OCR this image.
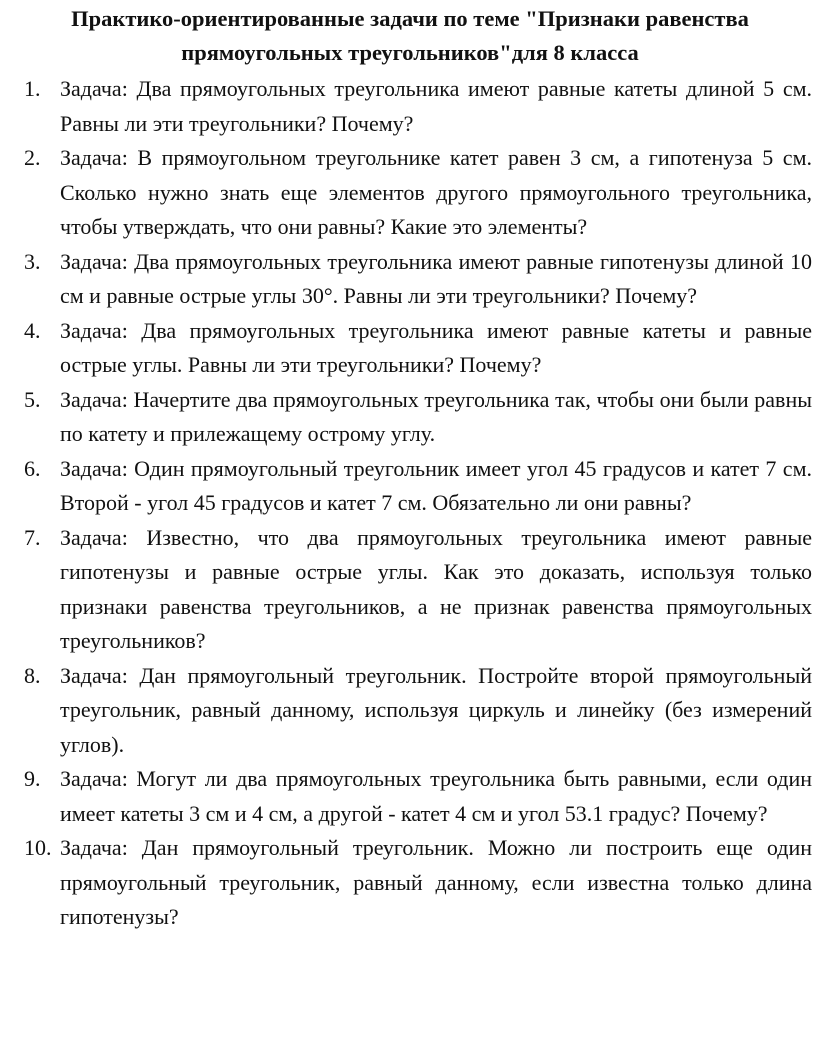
Практико-ориентированные задачи по теме "Признаки равенства прямоугольных треугольников"для 8 класса
1. Задача: Два прямоугольных треугольника имеют равные катеты длиной 5 см. Равны ли эти треугольники? Почему?
2. Задача: В прямоугольном треугольнике катет равен 3 см, а гипотенуза 5 см. Сколько нужно знать еще элементов другого прямоугольного треугольника, чтобы утверждать, что они равны? Какие это элементы?
3. Задача: Два прямоугольных треугольника имеют равные гипотенузы длиной 10 см и равные острые углы 30°. Равны ли эти треугольники? Почему?
4. Задача: Два прямоугольных треугольника имеют равные катеты и равные острые углы. Равны ли эти треугольники? Почему?
5. Задача: Начертите два прямоугольных треугольника так, чтобы они были равны по катету и прилежащему острому углу.
6. Задача: Один прямоугольный треугольник имеет угол 45 градусов и катет 7 см. Второй - угол 45 градусов и катет 7 см. Обязательно ли они равны?
7. Задача: Известно, что два прямоугольных треугольника имеют равные гипотенузы и равные острые углы. Как это доказать, используя только признаки равенства треугольников, а не признак равенства прямоугольных треугольников?
8. Задача: Дан прямоугольный треугольник. Постройте второй прямоугольный треугольник, равный данному, используя циркуль и линейку (без измерений углов).
9. Задача: Могут ли два прямоугольных треугольника быть равными, если один имеет катеты 3 см и 4 см, а другой - катет 4 см и угол 53.1 градус? Почему?
10. Задача: Дан прямоугольный треугольник. Можно ли построить еще один прямоугольный треугольник, равный данному, если известна только длина гипотенузы?
